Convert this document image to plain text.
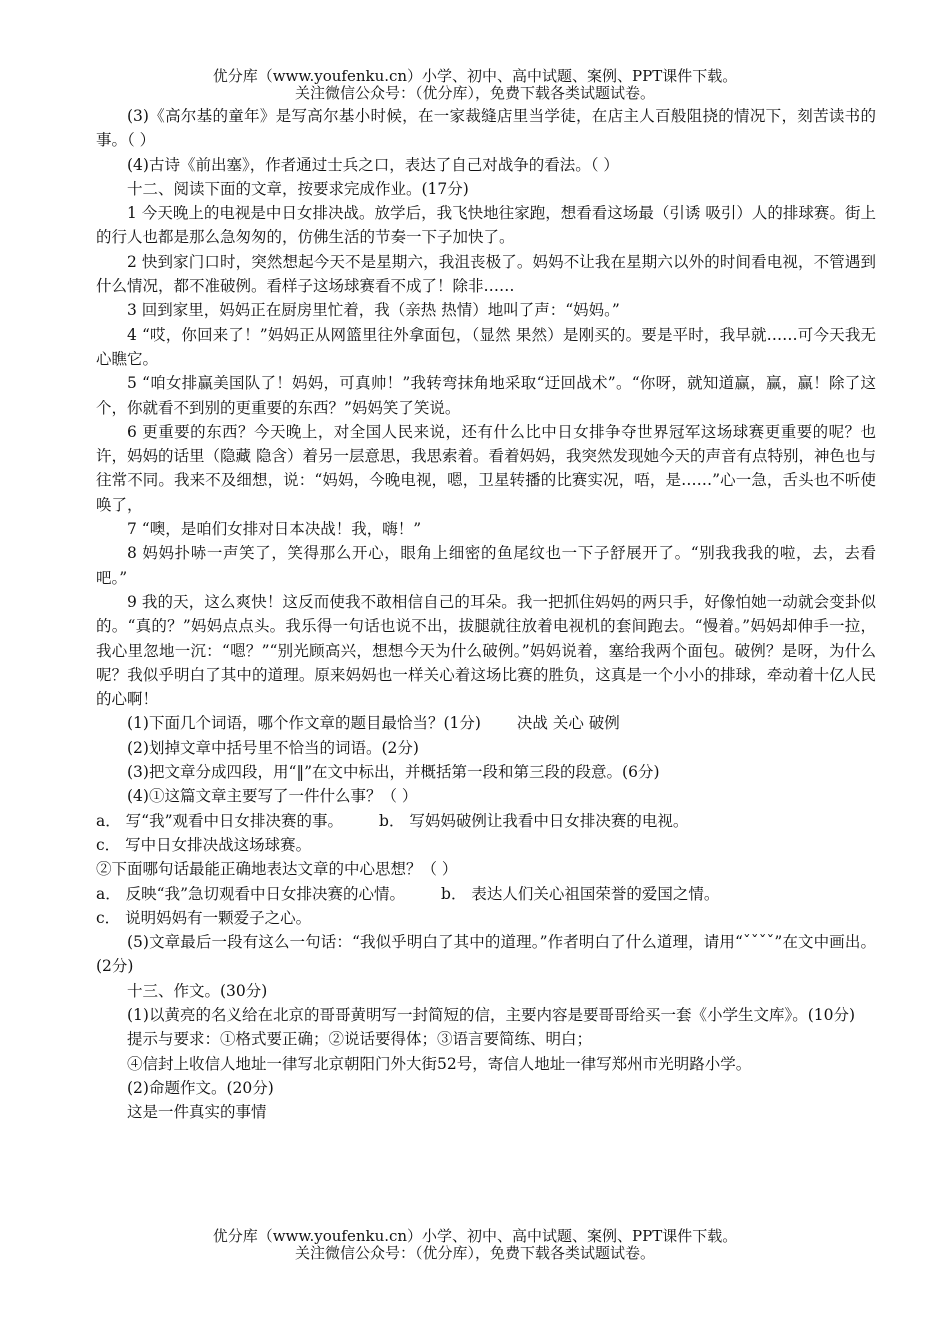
优分库（www.youfenku.cn）小学、初中、高中试题、案例、PPT课件下载。
关注微信公众号：（优分库），免费下载各类试题试卷。

(3)《高尔基的童年》是写高尔基小时候，在一家裁缝店里当学徒，在店主人百般阻挠的情况下，刻苦读书的事。（ ）

(4)古诗《前出塞》，作者通过士兵之口，表达了自己对战争的看法。（ ）

十二、阅读下面的文章，按要求完成作业。(17分)

1 今天晚上的电视是中日女排决战。放学后，我飞快地往家跑，想看看这场最（引诱 吸引）人的排球赛。街上的行人也都是那么急匆匆的，仿佛生活的节奏一下子加快了。

2 快到家门口时，突然想起今天不是星期六，我沮丧极了。妈妈不让我在星期六以外的时间看电视，不管遇到什么情况，都不准破例。看样子这场球赛看不成了！除非……

3 回到家里，妈妈正在厨房里忙着，我（亲热 热情）地叫了声：“妈妈。”

4 “哎，你回来了！”妈妈正从网篮里往外拿面包，（显然 果然）是刚买的。要是平时，我早就……可今天我无心瞧它。

5 “咱女排赢美国队了！妈妈，可真帅！”我转弯抹角地采取“迂回战术”。“你呀，就知道赢，赢，赢！除了这个，你就看不到别的更重要的东西？”妈妈笑了笑说。

6 更重要的东西？今天晚上，对全国人民来说，还有什么比中日女排争夺世界冠军这场球赛更重要的呢？也许，妈妈的话里（隐藏 隐含）着另一层意思，我思索着。看着妈妈，我突然发现她今天的声音有点特别，神色也与往常不同。我来不及细想，说：“妈妈，今晚电视，嗯，卫星转播的比赛实况，唔，是……”心一急，舌头也不听使唤了，

7 “噢，是咱们女排对日本决战！我，嗨！”

8 妈妈扑哧一声笑了，笑得那么开心，眼角上细密的鱼尾纹也一下子舒展开了。“别我我我的啦，去，去看吧。”

9 我的天，这么爽快！这反而使我不敢相信自己的耳朵。我一把抓住妈妈的两只手，好像怕她一动就会变卦似的。“真的？”妈妈点点头。我乐得一句话也说不出，拔腿就往放着电视机的套间跑去。“慢着。”妈妈却伸手一拉，我心里忽地一沉：“嗯？”“别光顾高兴，想想今天为什么破例。”妈妈说着，塞给我两个面包。破例？是呀，为什么呢？我似乎明白了其中的道理。原来妈妈也一样关心着这场比赛的胜负，这真是一个小小的排球，牵动着十亿人民的心啊！

(1)下面几个词语，哪个作文章的题目最恰当？(1分) 决战 关心 破例

(2)划掉文章中括号里不恰当的词语。(2分)

(3)把文章分成四段，用“‖”在文中标出，并概括第一段和第三段的段意。(6分)

(4)①这篇文章主要写了一件什么事？（ ）

a． 写“我”观看中日女排决赛的事。 b． 写妈妈破例让我看中日女排决赛的电视。

c． 写中日女排决战这场球赛。

②下面哪句话最能正确地表达文章的中心思想？（ ）

a． 反映“我”急切观看中日女排决赛的心情。 b． 表达人们关心祖国荣誉的爱国之情。

c． 说明妈妈有一颗爱子之心。

(5)文章最后一段有这么一句话：“我似乎明白了其中的道理。”作者明白了什么道理，请用“ˇˇˇˇ”在文中画出。(2分)

十三、作文。(30分)

(1)以黄亮的名义给在北京的哥哥黄明写一封简短的信，主要内容是要哥哥给买一套《小学生文库》。(10分)

提示与要求：①格式要正确；②说话要得体；③语言要简练、明白；

④信封上收信人地址一律写北京朝阳门外大街52号，寄信人地址一律写郑州市光明路小学。

(2)命题作文。(20分)

这是一件真实的事情

优分库（www.youfenku.cn）小学、初中、高中试题、案例、PPT课件下载。
关注微信公众号：（优分库），免费下载各类试题试卷。
